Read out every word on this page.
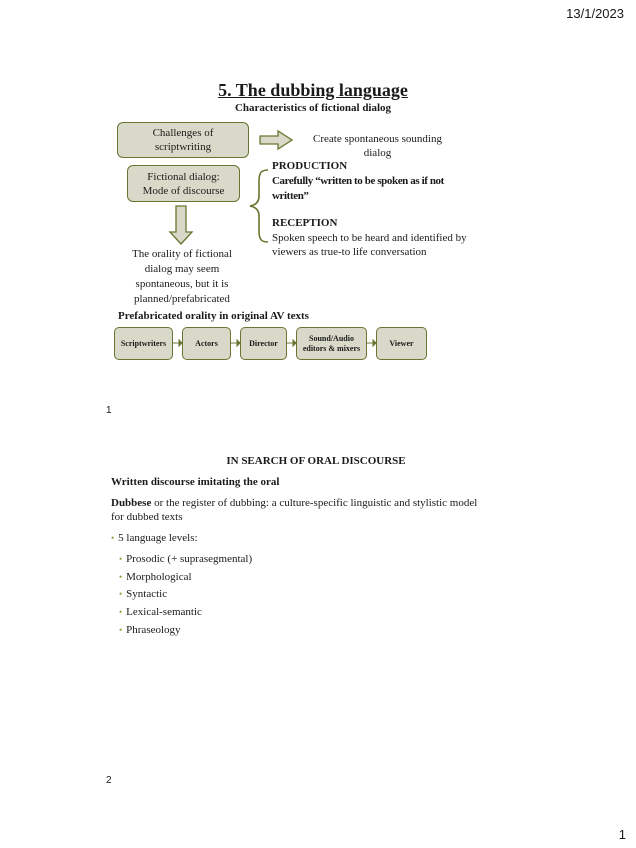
13/1/2023
5. The dubbing language
Characteristics of fictional dialog
Challenges of scriptwriting
Create spontaneous sounding dialog
Fictional dialog: Mode of discourse
PRODUCTION
Carefully “written to be spoken as if not written”
RECEPTION
Spoken speech to be heard and identified by viewers as true-to life conversation
The orality of fictional dialog may seem spontaneous, but it is planned/prefabricated
Prefabricated orality in original AV texts
Scriptwriters	Actors	Director
Sound/Audio editors & mixers
Viewer
1
IN SEARCH OF ORAL DISCOURSE
Written discourse imitating the oral
Dubbese or the register of dubbing: a culture-specific linguistic and stylistic model for dubbed texts
• 5 language levels:
• Prosodic (+ suprasegmental)
• Morphological
• Syntactic
• Lexical-semantic
• Phraseology
2
1
